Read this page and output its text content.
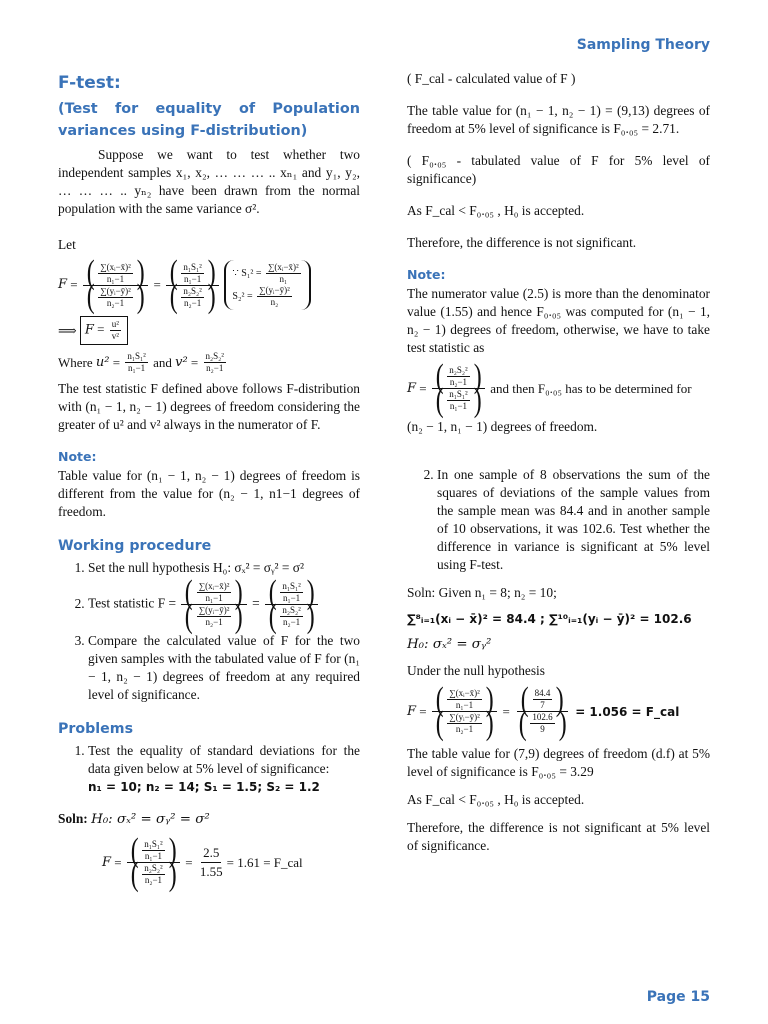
Sampling Theory
F-test:
(Test for equality of Population variances using F-distribution)

Suppose we want to test whether two independent samples x₁, x₂, … … … .. xₙ₁ and y₁, y₂, … … … .. yₙ₂ have been drawn from the normal population with the same variance σ².

Let
F = ( $\frac{\text{∑(xᵢ−x̄)²}}{\text{n₁−1}}$
)
( $\frac{\text{∑(yᵢ−ȳ)²}}{\text{n₂−1}}$
) = ( $\frac{\text{n₁S₁²}}{\text{n₁−1}}$
)
( $\frac{\text{n₂S₂²}}{\text{n₂−1}}$
)
	∵ $S_1^2 = \frac{\text{∑(xᵢ−x̄)²}}{\text{n₁}}$

$S_2^2 = \frac{\text{∑(yᵢ−ȳ)²}}{\text{n₂}}$
⟹
$F = \frac{\text{u²}}{\text{v²}}$
Where
$u^2 = \frac{\text{n₁S₁²}}{\text{n₁−1}}$
and
$v^2 = \frac{\text{n₂S₂²}}{\text{n₂−1}}$

The test statistic F defined above follows F-distribution with (n₁ − 1, n₂ − 1) degrees of freedom considering the greater of u² and v² always in the numerator of F.

Note:

Table value for (n₁ − 1, n₂ − 1) degrees of freedom is different from the value for (n₂ − 1, n1−1 degrees of freedom.

Working procedure
1. Set the null hypothesis H₀: σₓ² = σᵧ² = σ²
2. Test statistic F = ( $\frac{\text{∑(xᵢ−x̄)²}}{\text{n₁−1}}$
)
( $\frac{\text{∑(yᵢ−ȳ)²}}{\text{n₂−1}}$
) = ( $\frac{\text{n₁S₁²}}{\text{n₁−1}}$
)
( $\frac{\text{n₂S₂²}}{\text{n₂−1}}$
)
3. Compare the calculated value of F for the two given samples with the tabulated value of F for (n₁ − 1, n₂ − 1) degrees of freedom at any required level of significance.
Problems
1. Test the equality of standard deviations for the data given below at 5% level of significance:
n₁ = 10; n₂ = 14; S₁ = 1.5; S₂ = 1.2
Soln: H₀: σₓ² = σᵧ² = σ²
F = ( $\frac{\text{n₁S₁²}}{\text{n₁−1}}$
)
( $\frac{\text{n₂S₂²}}{\text{n₂−1}}$
) = $\frac{2.5}{1.55} = 1.61$ = F_cal

( F_cal - calculated value of F )

The table value for (n₁ − 1, n₂ − 1) = (9,13) degrees of freedom at 5% level of significance is F₀.₀₅ = 2.71.

( F₀.₀₅ - tabulated value of F for 5% level of significance)

As F_cal < F₀.₀₅ , H₀ is accepted.

Therefore, the difference is not significant.

Note:

The numerator value (2.5) is more than the denominator value (1.55) and hence F₀.₀₅ was computed for (n₁ − 1, n₂ − 1) degrees of freedom, otherwise, we have to take test statistic as

F = ( $\frac{\text{n₂S₂²}}{\text{n₂−1}}$
)
( $\frac{\text{n₁S₁²}}{\text{n₁−1}}$
)
and then F₀.₀₅ has to be determined for

(n₂ − 1, n₁ − 1) degrees of freedom.

2. In one sample of 8 observations the sum of the squares of deviations of the sample values from the sample mean was 84.4 and in another sample of 10 observations, it was 102.6. Test whether the difference in variance is significant at 5% level using F-test.

Soln: Given n₁ = 8; n₂ = 10;

∑⁸ᵢ₌₁(xᵢ − x̄)² = 84.4 ; ∑¹⁰ᵢ₌₁(yᵢ − ȳ)² = 102.6

H₀: σₓ² = σᵧ²

Under the null hypothesis

F = ( $\frac{\text{∑(xᵢ−x̄)²}}{\text{n₁−1}}$
)
( $\frac{\text{∑(yᵢ−ȳ)²}}{\text{n₂−1}}$
) = ( $\frac{84.4}{7}$
)
( $\frac{102.6}{9}$
)
= 1.056 = F_cal

The table value for (7,9) degrees of freedom (d.f) at 5% level of significance is F₀.₀₅ = 3.29

As F_cal < F₀.₀₅ , H₀ is accepted.

Therefore, the difference is not significant at 5% level of significance.

Page 15
